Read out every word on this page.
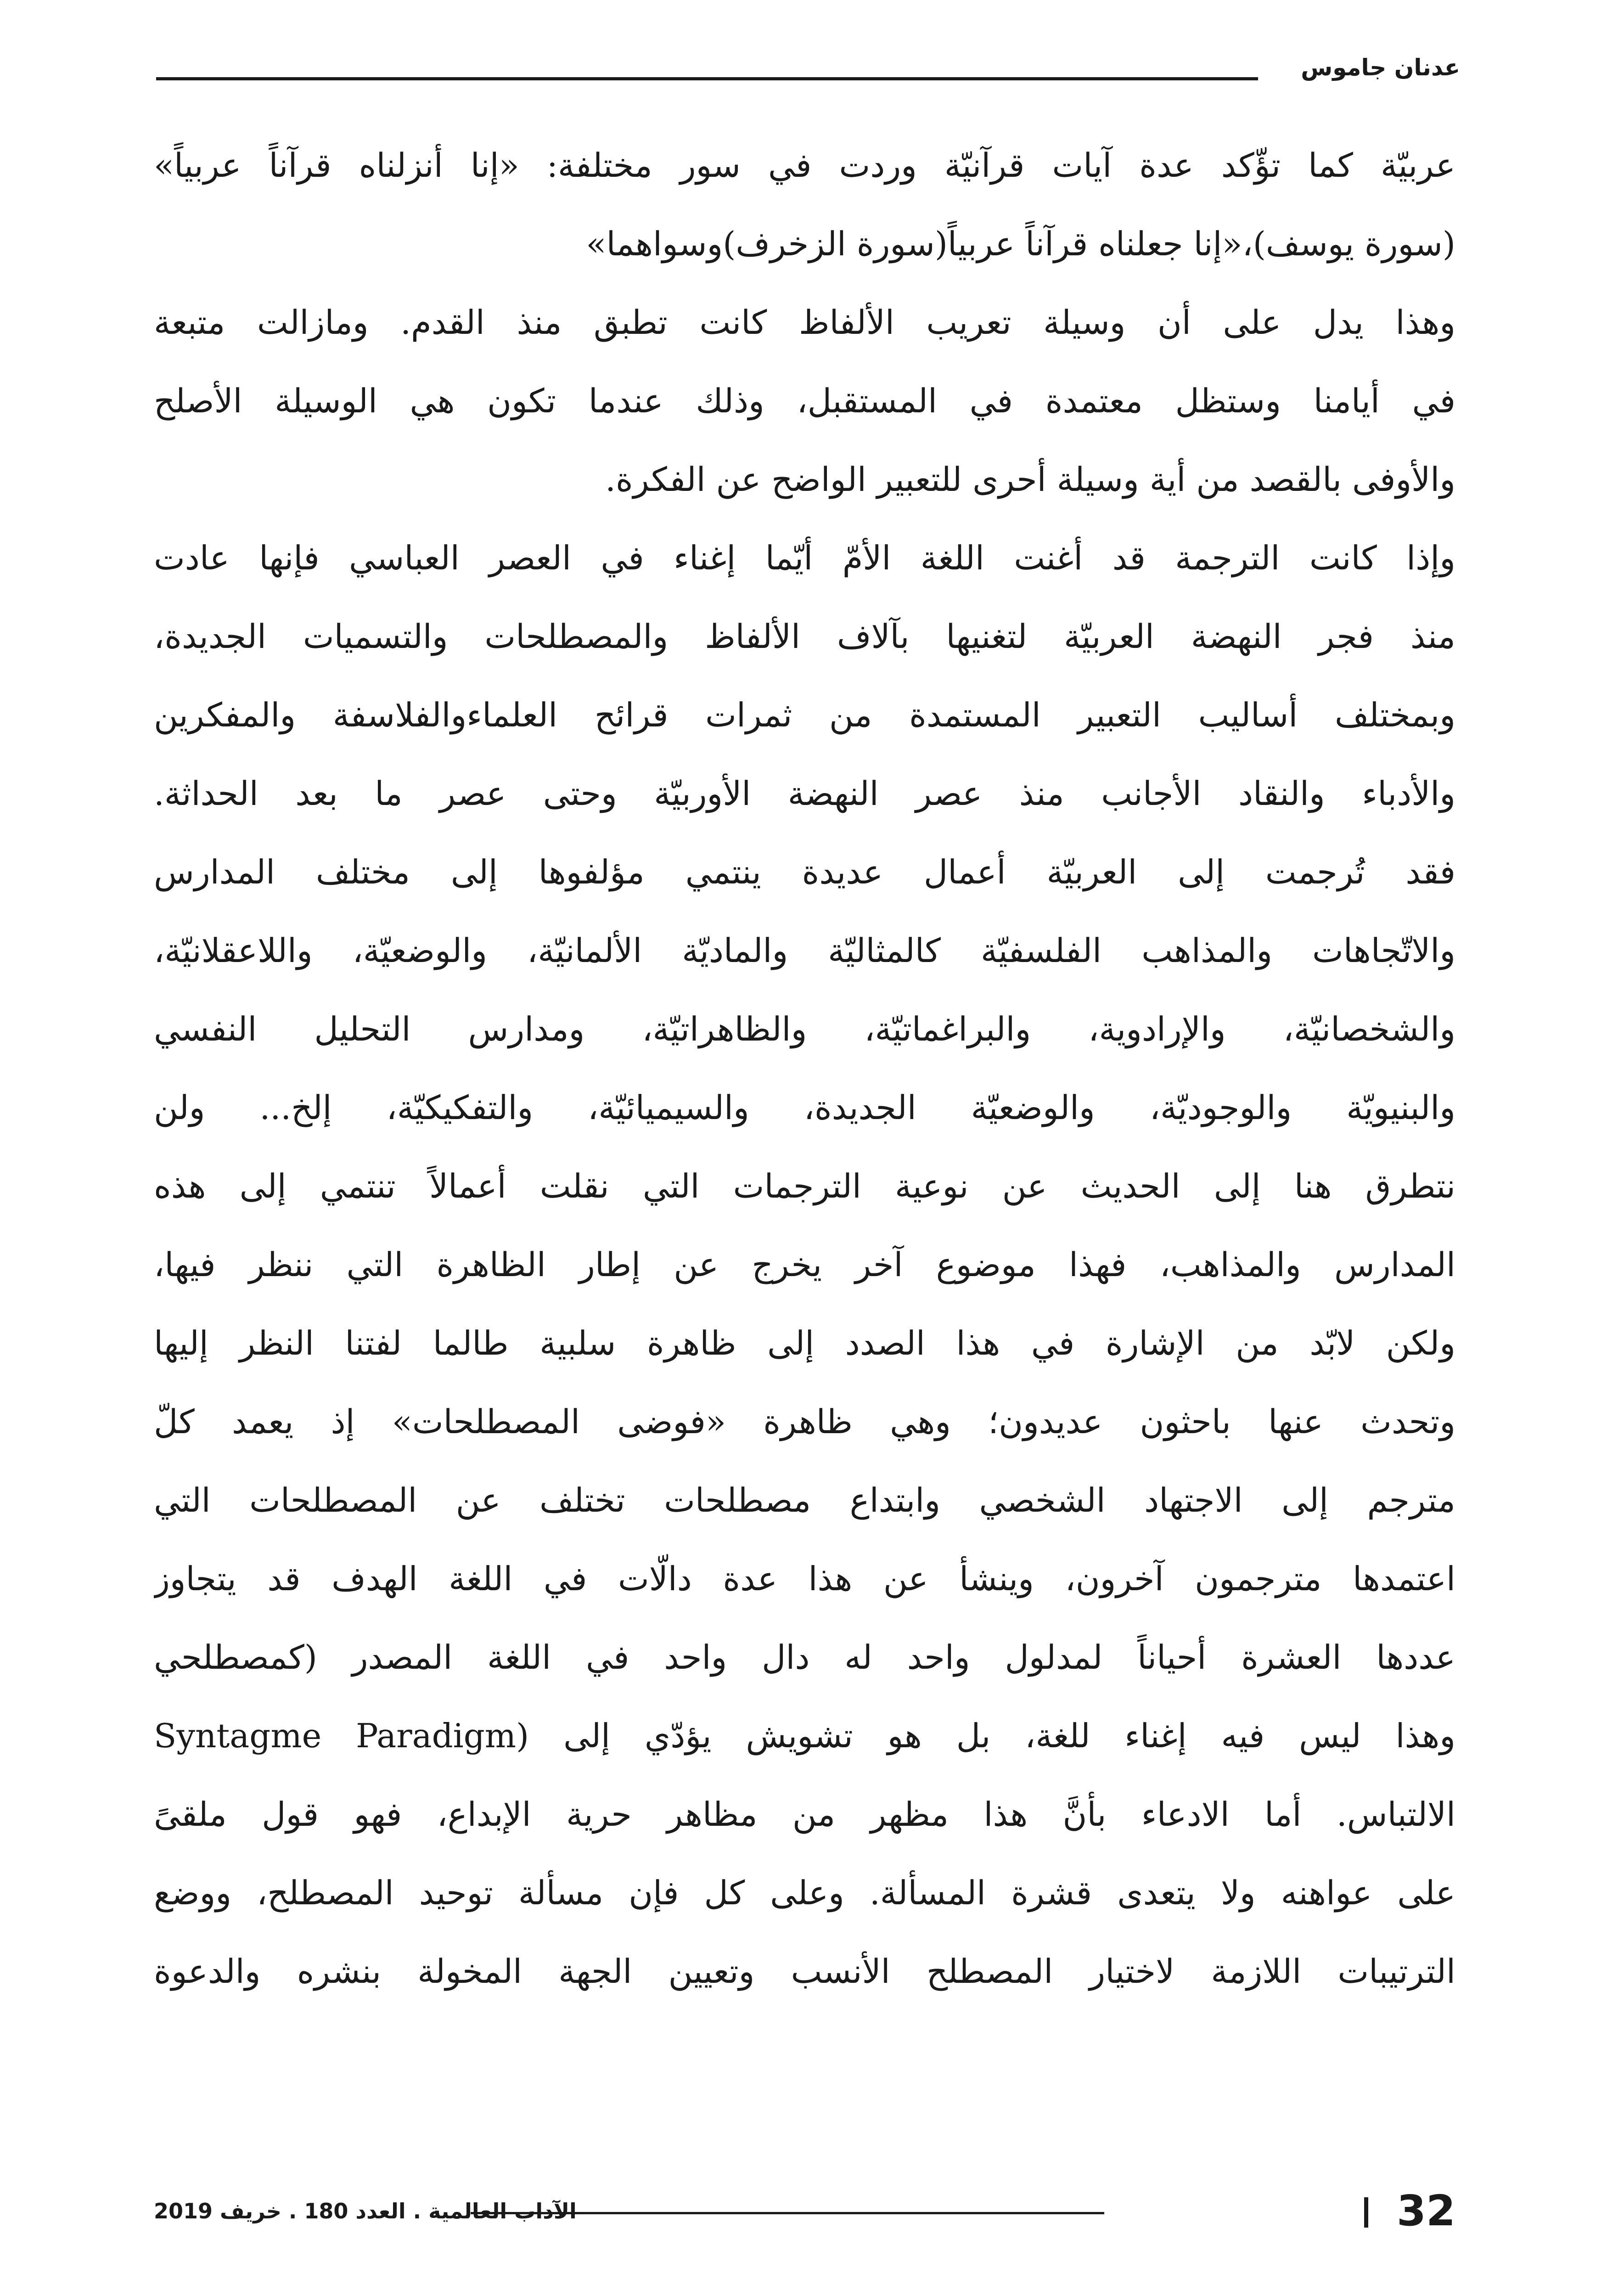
عدنان جاموس
عربيّة كما تؤّكد عدة آيات قرآنيّة وردت في سور مختلفة: «إنا أنزلناه قرآناً عربياً»
(سورة يوسف)،«إنا جعلناه قرآناً عربياً(سورة الزخرف)وسواهما»
وهذا يدل على أن وسيلة تعريب الألفاظ كانت تطبق منذ القدم. ومازالت متبعة
في أيامنا وستظل معتمدة في المستقبل، وذلك عندما تكون هي الوسيلة الأصلح
والأوفى بالقصد من أية وسيلة أحرى للتعبير الواضح عن الفكرة.
وإذا كانت الترجمة قد أغنت اللغة الأمّ أيّما إغناء في العصر العباسي فإنها عادت
منذ فجر النهضة العربيّة لتغنيها بآلاف الألفاظ والمصطلحات والتسميات الجديدة،
وبمختلف أساليب التعبير المستمدة من ثمرات قرائح العلماءوالفلاسفة والمفكرين
والأدباء والنقاد الأجانب منذ عصر النهضة الأوربيّة وحتى عصر ما بعد الحداثة.
فقد تُرجمت إلى العربيّة أعمال عديدة ينتمي مؤلفوها إلى مختلف المدارس
والاتّجاهات والمذاهب الفلسفيّة كالمثاليّة والماديّة الألمانيّة، والوضعيّة، واللاعقلانيّة،
والشخصانيّة، والإرادوية، والبراغماتيّة، والظاهراتيّة، ومدارس التحليل النفسي
والبنيويّة والوجوديّة، والوضعيّة الجديدة، والسيميائيّة، والتفكيكيّة، إلخ... ولن
نتطرق هنا إلى الحديث عن نوعية الترجمات التي نقلت أعمالاً تنتمي إلى هذه
المدارس والمذاهب، فهذا موضوع آخر يخرج عن إطار الظاهرة التي ننظر فيها،
ولكن لابّد من الإشارة في هذا الصدد إلى ظاهرة سلبية طالما لفتنا النظر إليها
وتحدث عنها باحثون عديدون؛ وهي ظاهرة «فوضى المصطلحات» إذ يعمد كلّ
مترجم إلى الاجتهاد الشخصي وابتداع مصطلحات تختلف عن المصطلحات التي
اعتمدها مترجمون آخرون، وينشأ عن هذا عدة دالّات في اللغة الهدف قد يتجاوز
عددها العشرة أحياناً لمدلول واحد له دال واحد في اللغة المصدر (كمصطلحي
وهذا ليس فيه إغناء للغة، بل هو تشويش يؤدّي إلى Syntagme Paradigm)
الالتباس. أما الادعاء بأنَّ هذا مظهر من مظاهر حرية الإبداع، فهو قول ملقىً
على عواهنه ولا يتعدى قشرة المسألة. وعلى كل فإن مسألة توحيد المصطلح، ووضع
الترتيبات اللازمة لاختيار المصطلح الأنسب وتعيين الجهة المخولة بنشره والدعوة
32
الآداب العالمية . العدد 180 . خريف 2019
